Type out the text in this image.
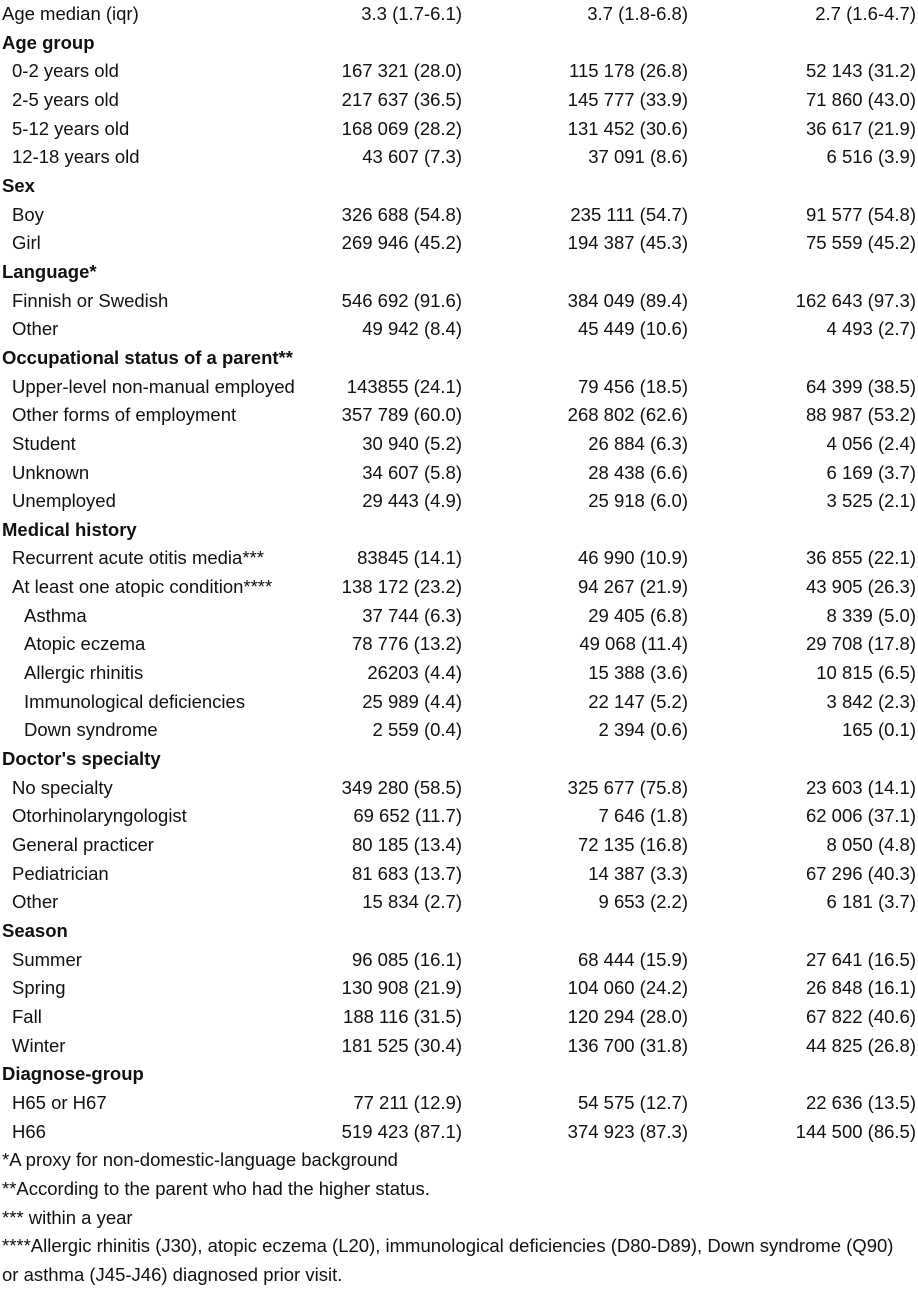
Age median (iqr)	3.3 (1.7-6.1)	3.7 (1.8-6.8)	2.7 (1.6-4.7)
Age group			
0-2 years old	167 321 (28.0)	115 178 (26.8)	52 143 (31.2)
2-5 years old	217 637 (36.5)	145 777 (33.9)	71 860 (43.0)
5-12 years old	168 069 (28.2)	131 452 (30.6)	36 617 (21.9)
12-18 years old	43 607 (7.3)	37 091 (8.6)	6 516 (3.9)
Sex			
Boy	326 688 (54.8)	235 111 (54.7)	91 577 (54.8)
Girl	269 946 (45.2)	194 387 (45.3)	75 559 (45.2)
Language*			
Finnish or Swedish	546 692 (91.6)	384 049 (89.4)	162 643 (97.3)
Other	49 942 (8.4)	45 449 (10.6)	4 493 (2.7)
Occupational status of a parent**			
Upper-level non-manual employed	143855 (24.1)	79 456 (18.5)	64 399 (38.5)
Other forms of employment	357 789 (60.0)	268 802 (62.6)	88 987 (53.2)
Student	30 940 (5.2)	26 884 (6.3)	4 056 (2.4)
Unknown	34 607 (5.8)	28 438 (6.6)	6 169 (3.7)
Unemployed	29 443 (4.9)	25 918 (6.0)	3 525 (2.1)
Medical history			
Recurrent acute otitis media***	83845 (14.1)	46 990 (10.9)	36 855 (22.1)
At least one atopic condition****	138 172 (23.2)	94 267 (21.9)	43 905 (26.3)
Asthma	37 744 (6.3)	29 405 (6.8)	8 339 (5.0)
Atopic eczema	78 776 (13.2)	49 068 (11.4)	29 708 (17.8)
Allergic rhinitis	26203 (4.4)	15 388 (3.6)	10 815 (6.5)
Immunological deficiencies	25 989 (4.4)	22 147 (5.2)	3 842 (2.3)
Down syndrome	2 559 (0.4)	2 394 (0.6)	165 (0.1)
Doctor's specialty			
No specialty	349 280 (58.5)	325 677 (75.8)	23 603 (14.1)
Otorhinolaryngologist	69 652 (11.7)	7 646 (1.8)	62 006 (37.1)
General practicer	80 185 (13.4)	72 135 (16.8)	8 050 (4.8)
Pediatrician	81 683 (13.7)	14 387 (3.3)	67 296 (40.3)
Other	15 834 (2.7)	9 653 (2.2)	6 181 (3.7)
Season			
Summer	96 085 (16.1)	68 444 (15.9)	27 641 (16.5)
Spring	130 908 (21.9)	104 060 (24.2)	26 848 (16.1)
Fall	188 116 (31.5)	120 294 (28.0)	67 822 (40.6)
Winter	181 525 (30.4)	136 700 (31.8)	44 825 (26.8)
Diagnose-group			
H65 or H67	77 211 (12.9)	54 575 (12.7)	22 636 (13.5)
H66	519 423 (87.1)	374 923 (87.3)	144 500 (86.5)
*A proxy for non-domestic-language background
**According to the parent who had the higher status.
*** within a year
****Allergic rhinitis (J30), atopic eczema (L20), immunological deficiencies (D80-D89), Down syndrome (Q90) or asthma (J45-J46) diagnosed prior visit.
